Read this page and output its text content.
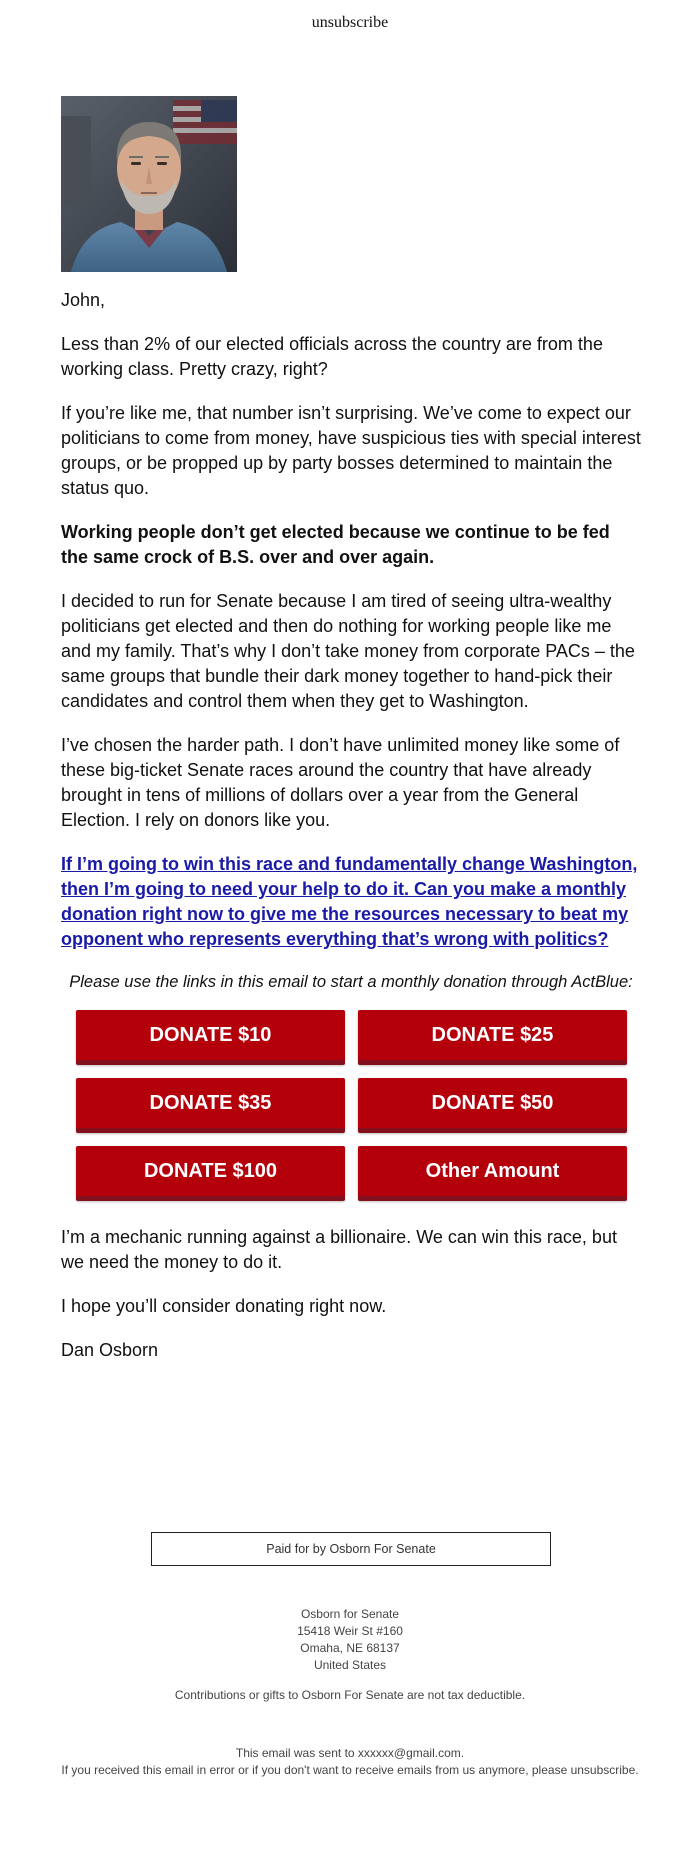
unsubscribe

John,

Less than 2% of our elected officials across the country are from the working class. Pretty crazy, right?

If you’re like me, that number isn’t surprising. We’ve come to expect our politicians to come from money, have suspicious ties with special interest groups, or be propped up by party bosses determined to maintain the status quo.

Working people don’t get elected because we continue to be fed the same crock of B.S. over and over again.

I decided to run for Senate because I am tired of seeing ultra-wealthy politicians get elected and then do nothing for working people like me and my family. That’s why I don’t take money from corporate PACs – the same groups that bundle their dark money together to hand-pick their candidates and control them when they get to Washington.

I’ve chosen the harder path. I don’t have unlimited money like some of these big-ticket Senate races around the country that have already brought in tens of millions of dollars over a year from the General Election. I rely on donors like you.

If I’m going to win this race and fundamentally change Washington, then I’m going to need your help to do it. Can you make a monthly donation right now to give me the resources necessary to beat my opponent who represents everything that’s wrong with politics?

Please use the links in this email to start a monthly donation through ActBlue:

DONATE $10	DONATE $25
DONATE $35	DONATE $50
DONATE $100	Other Amount

I’m a mechanic running against a billionaire. We can win this race, but we need the money to do it.

I hope you’ll consider donating right now.

Dan Osborn

Paid for by Osborn For Senate
Osborn for Senate
15418 Weir St #160
Omaha, NE 68137
United States
Contributions or gifts to Osborn For Senate are not tax deductible.
This email was sent to xxxxxx@gmail.com.
If you received this email in error or if you don't want to receive emails from us anymore, please unsubscribe.
